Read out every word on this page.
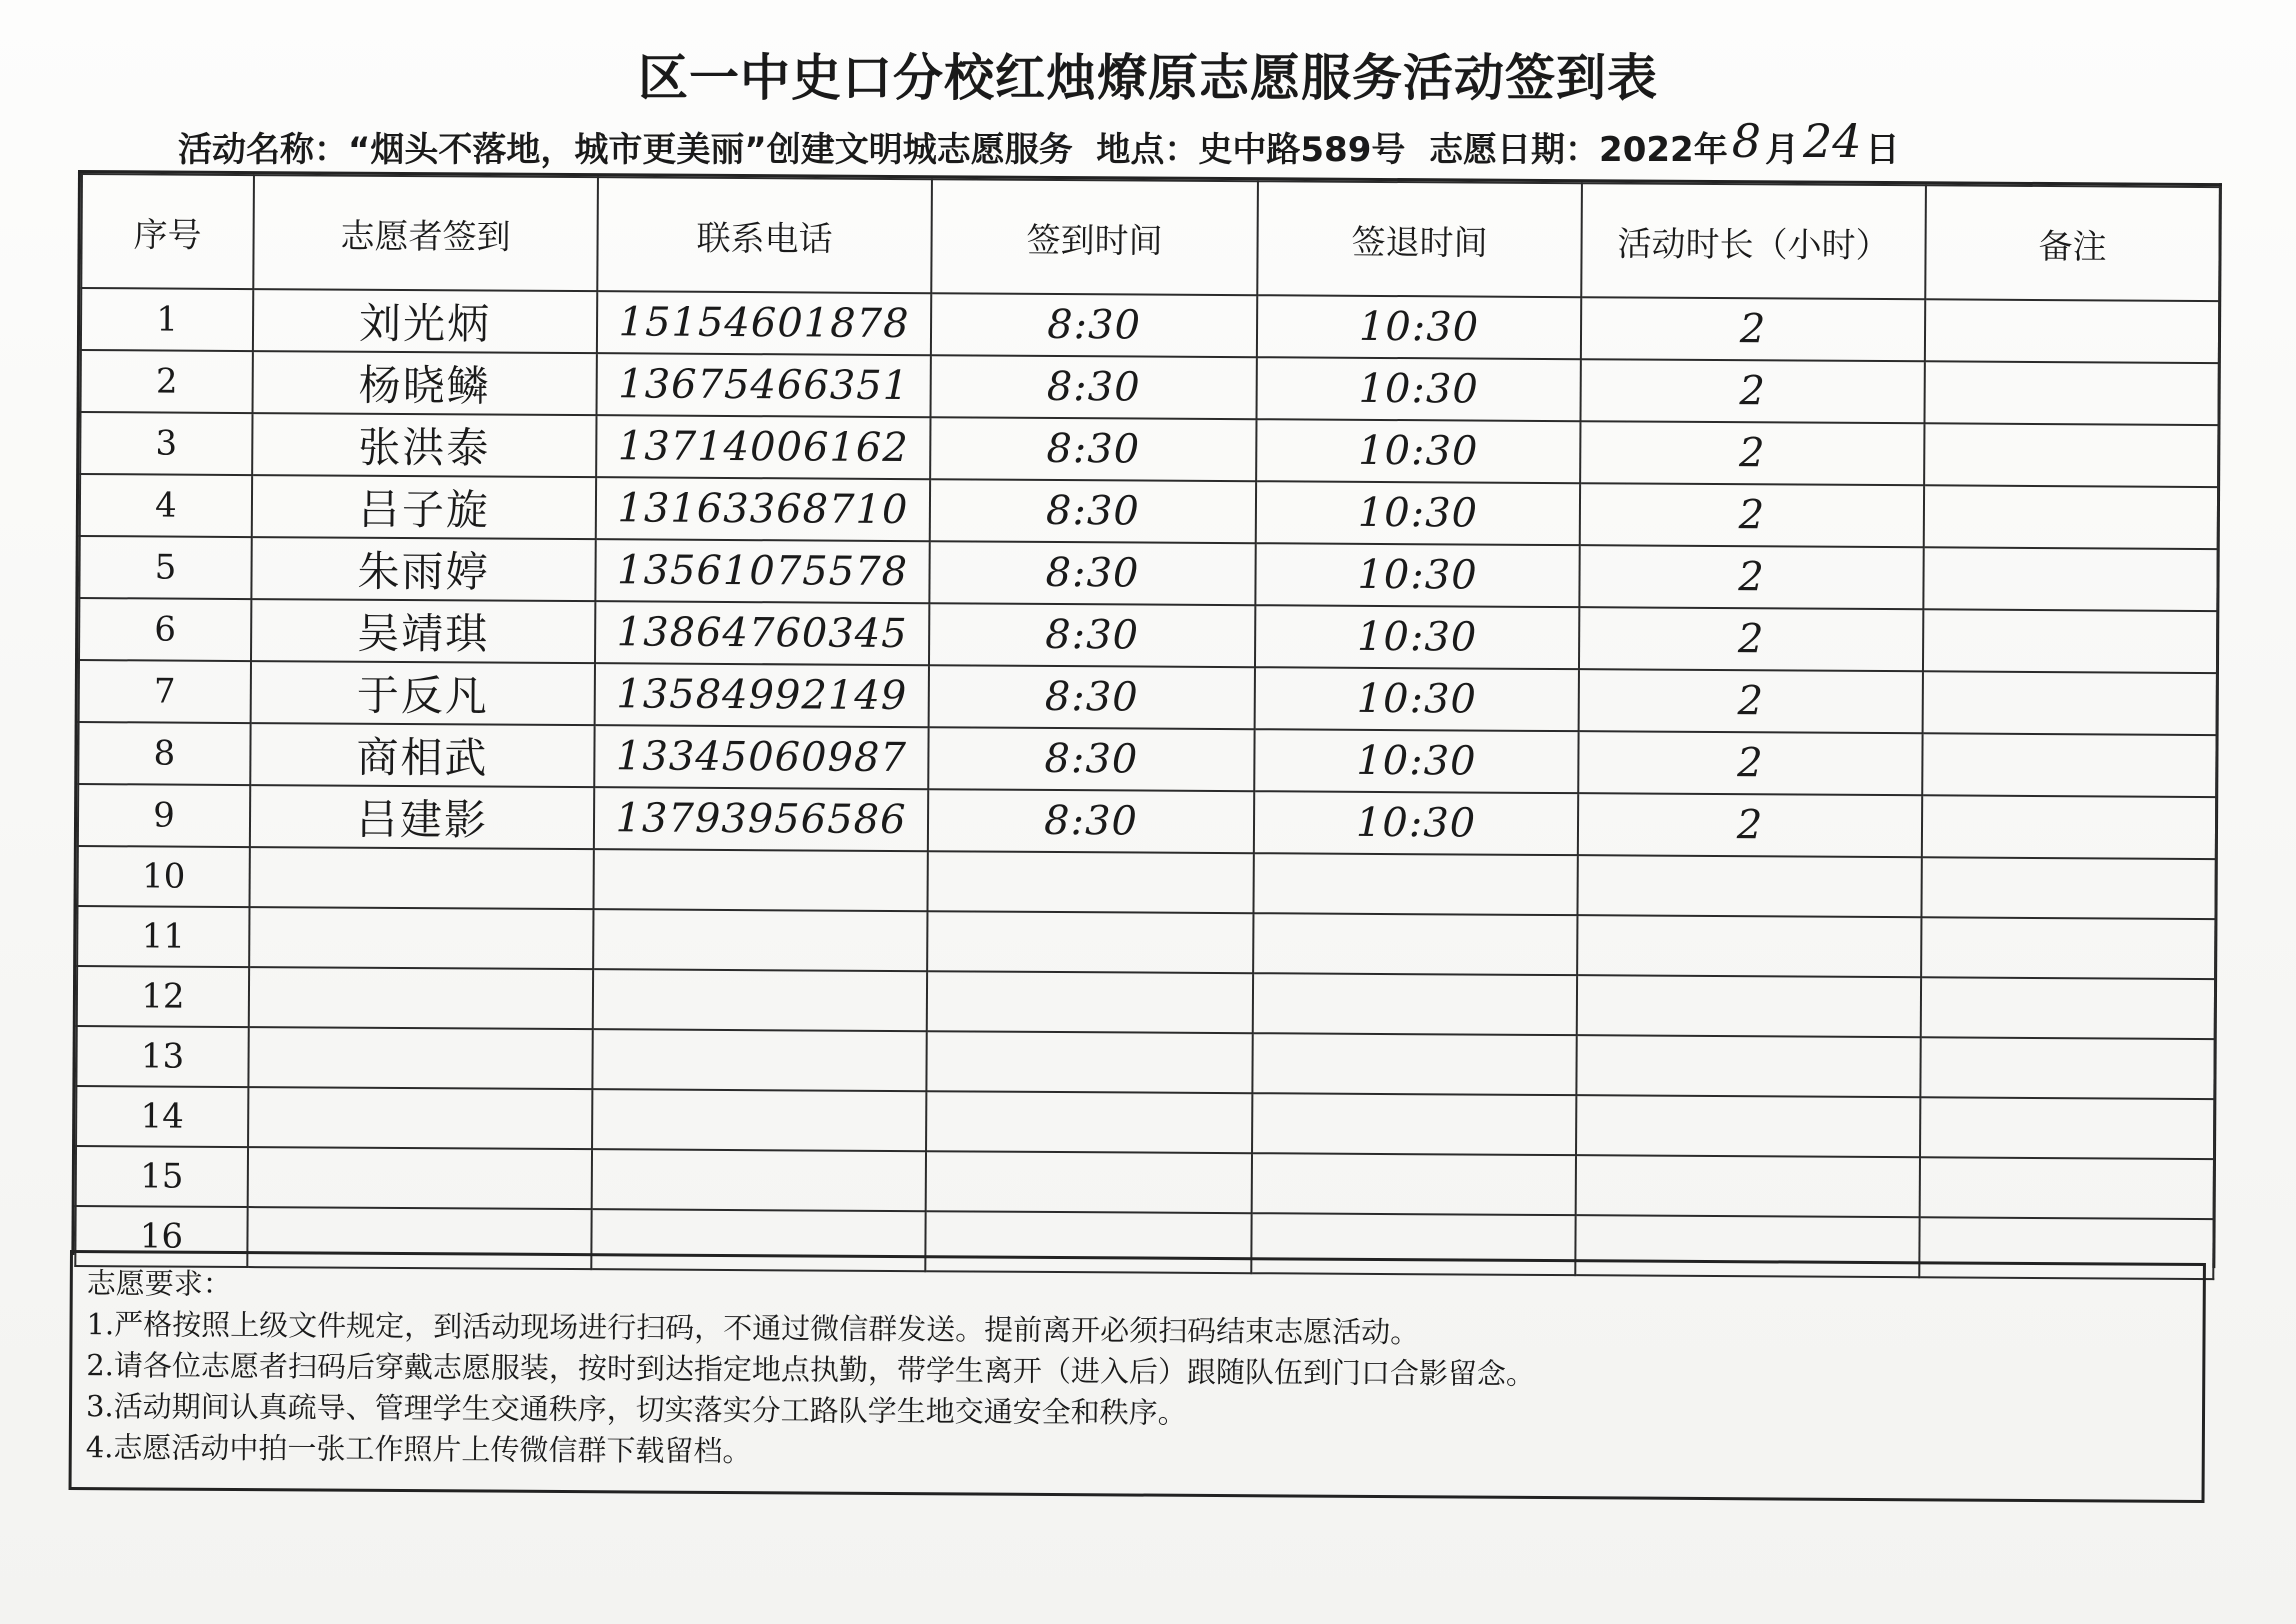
区一中史口分校红烛燎原志愿服务活动签到表
活动名称：“烟头不落地，城市更美丽”创建文明城志愿服务 地点：史中路589号 志愿日期：2022年8 月24 日
序号	志愿者签到	联系电话	签到时间	签退时间	活动时长（小时）	备注
1	刘光炳	15154601878	8:30	10:30	2	
2	杨晓鳞	13675466351	8:30	10:30	2	
3	张洪泰	13714006162	8:30	10:30	2	
4	吕子旋	13163368710	8:30	10:30	2	
5	朱雨婷	13561075578	8:30	10:30	2	
6	吴靖琪	13864760345	8:30	10:30	2	
7	于反凡	13584992149	8:30	10:30	2	
8	商相武	13345060987	8:30	10:30	2	
9	吕建影	13793956586	8:30	10:30	2	
10						
11						
12						
13						
14						
15						
16						
志愿要求：
1.严格按照上级文件规定，到活动现场进行扫码，不通过微信群发送。提前离开必须扫码结束志愿活动。
2.请各位志愿者扫码后穿戴志愿服装，按时到达指定地点执勤，带学生离开（进入后）跟随队伍到门口合影留念。
3.活动期间认真疏导、管理学生交通秩序，切实落实分工路队学生地交通安全和秩序。
4.志愿活动中拍一张工作照片上传微信群下载留档。
